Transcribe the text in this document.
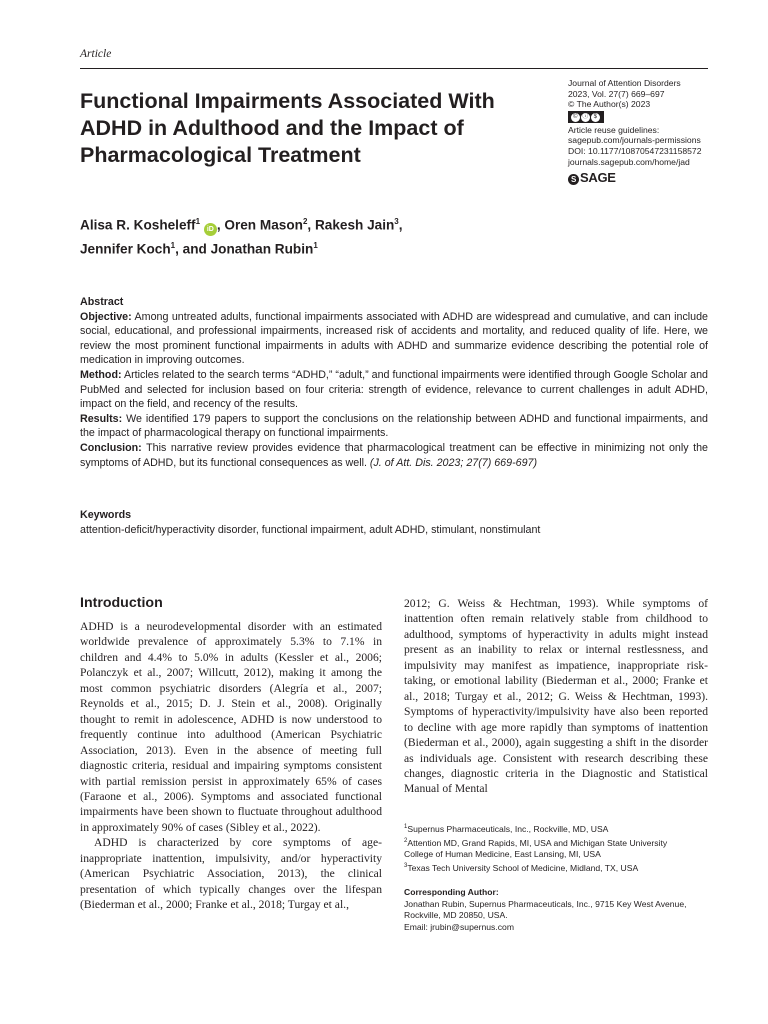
Article
Functional Impairments Associated With ADHD in Adulthood and the Impact of Pharmacological Treatment
Journal of Attention Disorders
2023, Vol. 27(7) 669–697
© The Author(s) 2023
© ⓘ $
Article reuse guidelines:
sagepub.com/journals-permissions
DOI: 10.1177/10870547231158572
journals.sagepub.com/home/jad
S SAGE
Alisa R. Kosheleff$^1$ iD , Oren Mason$^2$, Rakesh Jain$^3$,
Jennifer Koch$^1$, and Jonathan Rubin$^1$
Abstract

Objective: Among untreated adults, functional impairments associated with ADHD are widespread and cumulative, and can include social, educational, and professional impairments, increased risk of accidents and mortality, and reduced quality of life. Here, we review the most prominent functional impairments in adults with ADHD and summarize evidence describing the potential role of medication in improving outcomes.

Method: Articles related to the search terms “ADHD,” “adult,” and functional impairments were identified through Google Scholar and PubMed and selected for inclusion based on four criteria: strength of evidence, relevance to current challenges in adult ADHD, impact on the field, and recency of the results.

Results: We identified 179 papers to support the conclusions on the relationship between ADHD and functional impairments, and the impact of pharmacological therapy on functional impairments.

Conclusion: This narrative review provides evidence that pharmacological treatment can be effective in minimizing not only the symptoms of ADHD, but its functional consequences as well. (J. of Att. Dis. 2023; 27(7) 669-697)

Keywords
attention-deficit/hyperactivity disorder, functional impairment, adult ADHD, stimulant, nonstimulant
Introduction

ADHD is a neurodevelopmental disorder with an estimated worldwide prevalence of approximately 5.3% to 7.1% in children and 4.4% to 5.0% in adults (Kessler et al., 2006; Polanczyk et al., 2007; Willcutt, 2012), making it among the most common psychiatric disorders (Alegría et al., 2007; Reynolds et al., 2015; D. J. Stein et al., 2008). Originally thought to remit in adolescence, ADHD is now understood to frequently continue into adulthood (American Psychiatric Association, 2013). Even in the absence of meeting full diagnostic criteria, residual and impairing symptoms consistent with partial remission persist in approximately 65% of cases (Faraone et al., 2006). Symptoms and associated functional impairments have been shown to fluctuate throughout adulthood in approximately 90% of cases (Sibley et al., 2022).

ADHD is characterized by core symptoms of age-inappropriate inattention, impulsivity, and/or hyperactivity (American Psychiatric Association, 2013), the clinical presentation of which typically changes over the lifespan (Biederman et al., 2000; Franke et al., 2018; Turgay et al.,

2012; G. Weiss & Hechtman, 1993). While symptoms of inattention often remain relatively stable from childhood to adulthood, symptoms of hyperactivity in adults might instead present as an inability to relax or internal restlessness, and impulsivity may manifest as impatience, inappropriate risk-taking, or emotional lability (Biederman et al., 2000; Franke et al., 2018; Turgay et al., 2012; G. Weiss & Hechtman, 1993). Symptoms of hyperactivity/impulsivity have also been reported to decline with age more rapidly than symptoms of inattention (Biederman et al., 2000), again suggesting a shift in the disorder as individuals age. Consistent with research describing these changes, diagnostic criteria in the Diagnostic and Statistical Manual of Mental

$^1$Supernus Pharmaceuticals, Inc., Rockville, MD, USA
$^2$Attention MD, Grand Rapids, MI, USA and Michigan State University
College of Human Medicine, East Lansing, MI, USA
$^3$Texas Tech University School of Medicine, Midland, TX, USA
Corresponding Author:
Jonathan Rubin, Supernus Pharmaceuticals, Inc., 9715 Key West Avenue,
Rockville, MD 20850, USA.
Email: jrubin@supernus.com
